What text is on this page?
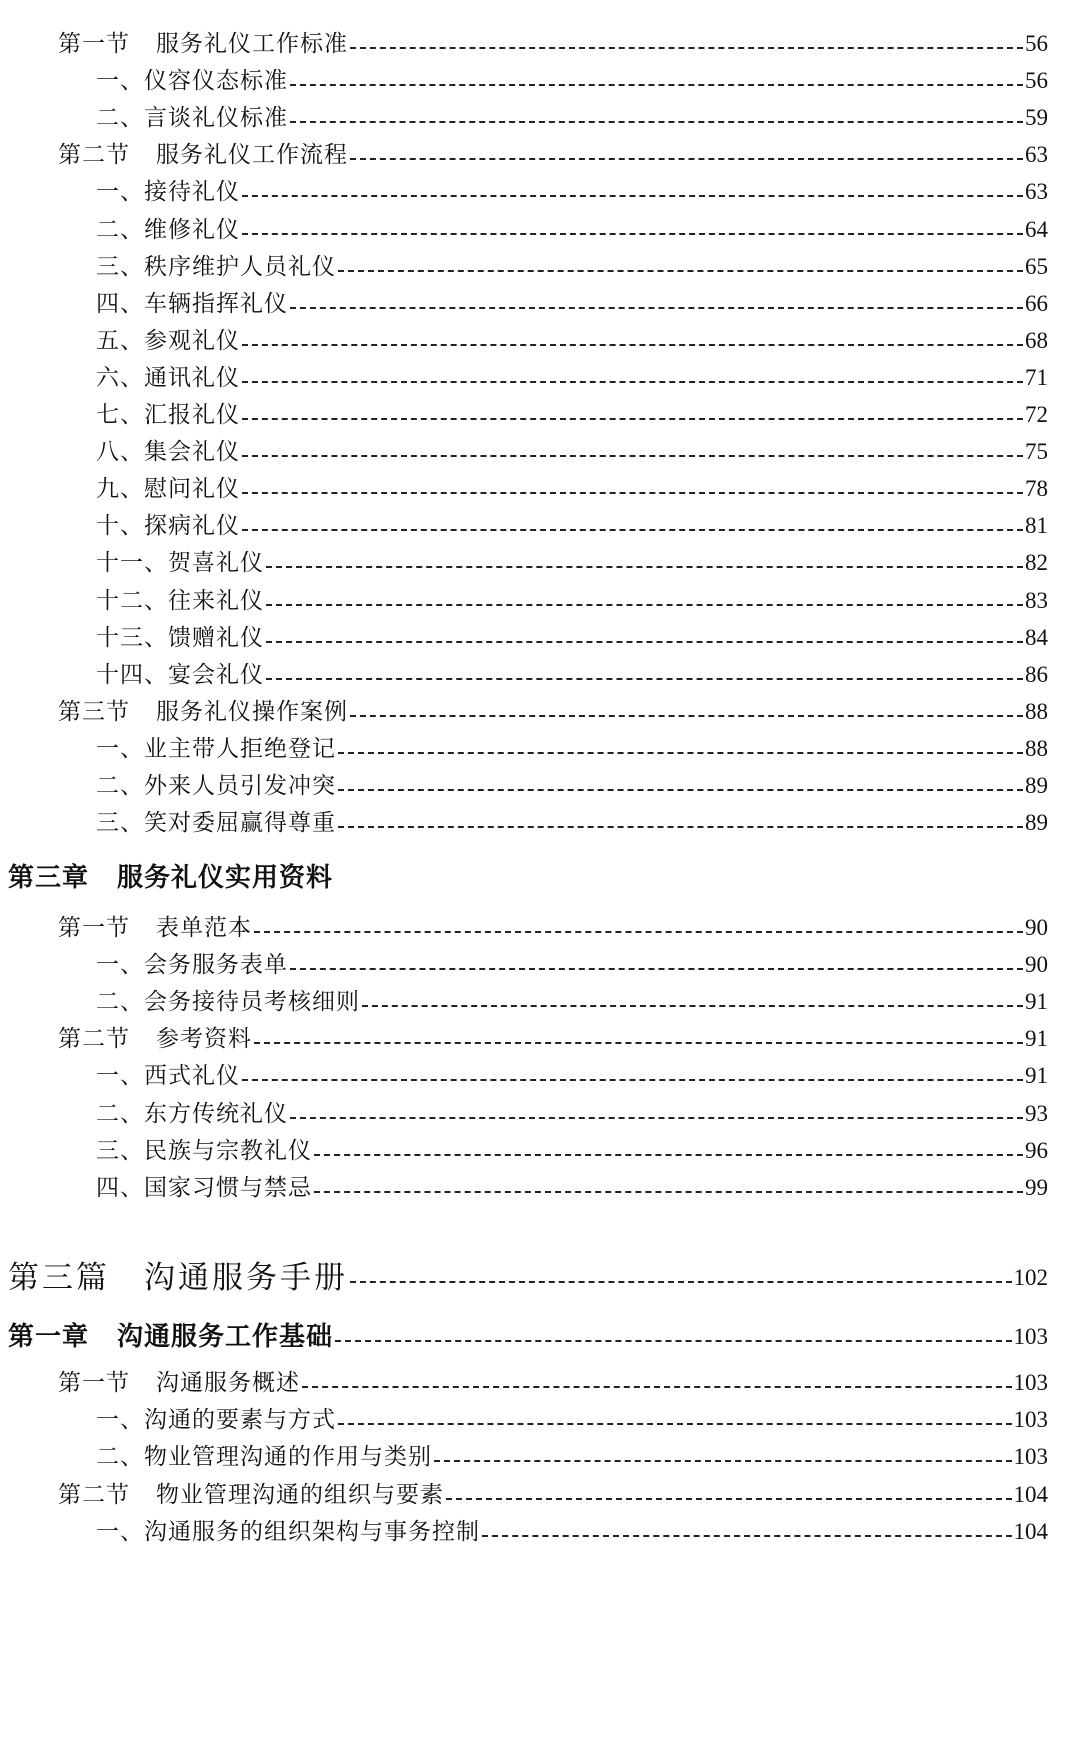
第一节 服务礼仪工作标准	56
一、仪容仪态标准	56
二、言谈礼仪标准	59
第二节 服务礼仪工作流程	63
一、接待礼仪	63
二、维修礼仪	64
三、秩序维护人员礼仪	65
四、车辆指挥礼仪	66
五、参观礼仪	68
六、通讯礼仪	71
七、汇报礼仪	72
八、集会礼仪	75
九、慰问礼仪	78
十、探病礼仪	81
十一、贺喜礼仪	82
十二、往来礼仪	83
十三、馈赠礼仪	84
十四、宴会礼仪	86
第三节 服务礼仪操作案例	88
一、业主带人拒绝登记	88
二、外来人员引发冲突	89
三、笑对委屈赢得尊重	89
第三章 服务礼仪实用资料
第一节 表单范本	90
一、会务服务表单	90
二、会务接待员考核细则	91
第二节 参考资料	91
一、西式礼仪	91
二、东方传统礼仪	93
三、民族与宗教礼仪	96
四、国家习惯与禁忌	99
第三篇 沟通服务手册	102
第一章 沟通服务工作基础	103
第一节 沟通服务概述	103
一、沟通的要素与方式	103
二、物业管理沟通的作用与类别	103
第二节 物业管理沟通的组织与要素	104
一、沟通服务的组织架构与事务控制	104
